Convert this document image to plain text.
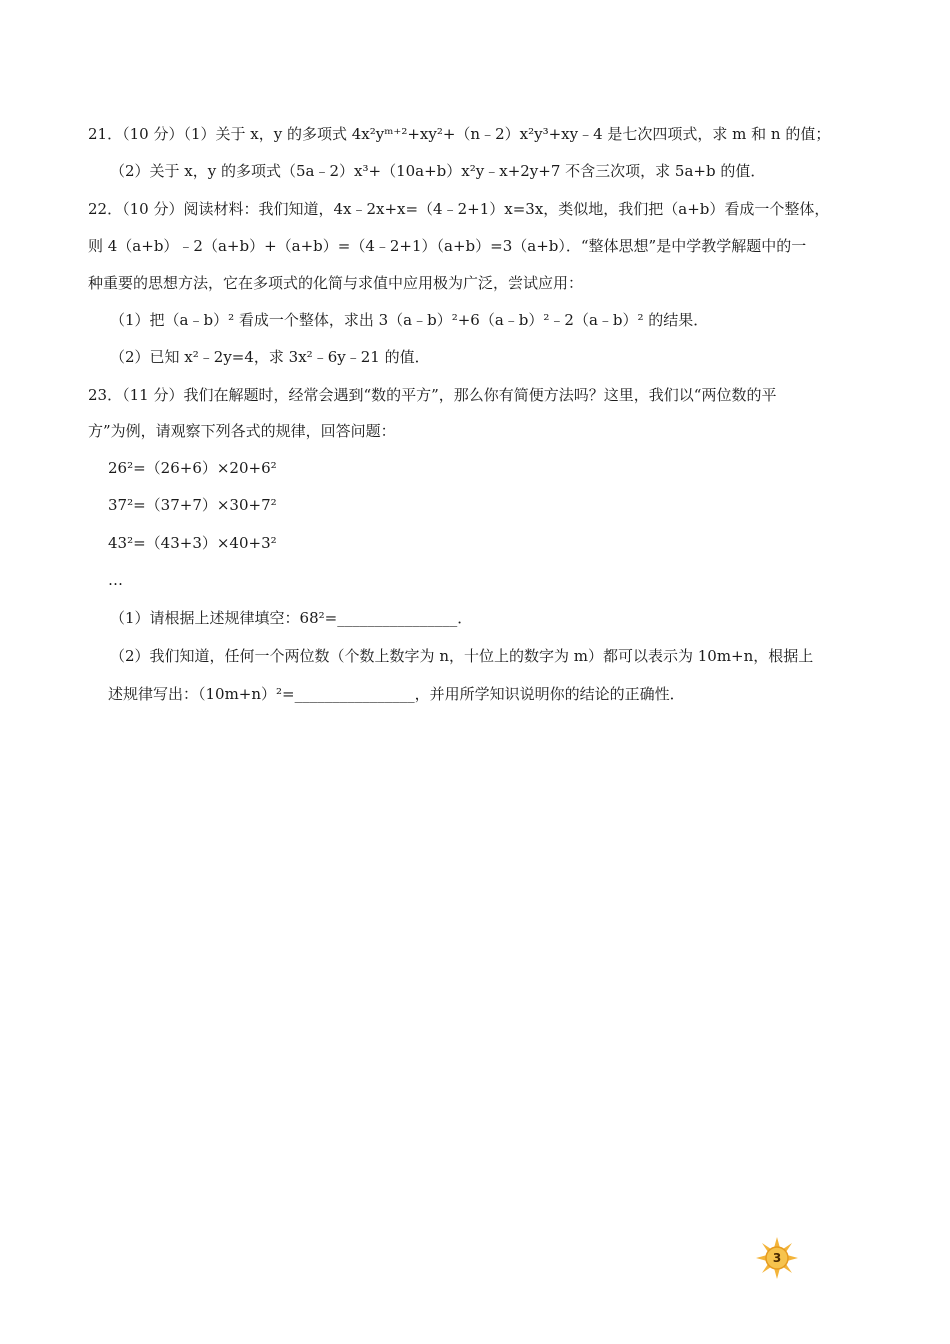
21．（10 分）（1）关于 x，y 的多项式 4x²yᵐ⁺²+xy²+（n﹣2）x²y³+xy﹣4 是七次四项式，求 m 和 n 的值；
（2）关于 x，y 的多项式（5a﹣2）x³+（10a+b）x²y﹣x+2y+7 不含三次项，求 5a+b 的值．
22．（10 分）阅读材料：我们知道，4x﹣2x+x=（4﹣2+1）x=3x，类似地，我们把（a+b）看成一个整体，
则 4（a+b）﹣2（a+b）+（a+b）=（4﹣2+1）（a+b）=3（a+b）．“整体思想”是中学教学解题中的一
种重要的思想方法，它在多项式的化简与求值中应用极为广泛，尝试应用：
（1）把（a﹣b）² 看成一个整体，求出 3（a﹣b）²+6（a﹣b）²﹣2（a﹣b）² 的结果．
（2）已知 x²﹣2y=4，求 3x²﹣6y﹣21 的值．
23．（11 分）我们在解题时，经常会遇到“数的平方”，那么你有简便方法吗？这里，我们以“两位数的平
方”为例，请观察下列各式的规律，回答问题：
26²=（26+6）×20+6²
37²=（37+7）×30+7²
43²=（43+3）×40+3²
…
（1）请根据上述规律填空：68²=________________．
（2）我们知道，任何一个两位数（个数上数字为 n，十位上的数字为 m）都可以表示为 10m+n，根据上
述规律写出：（10m+n）²=________________，并用所学知识说明你的结论的正确性．
3
